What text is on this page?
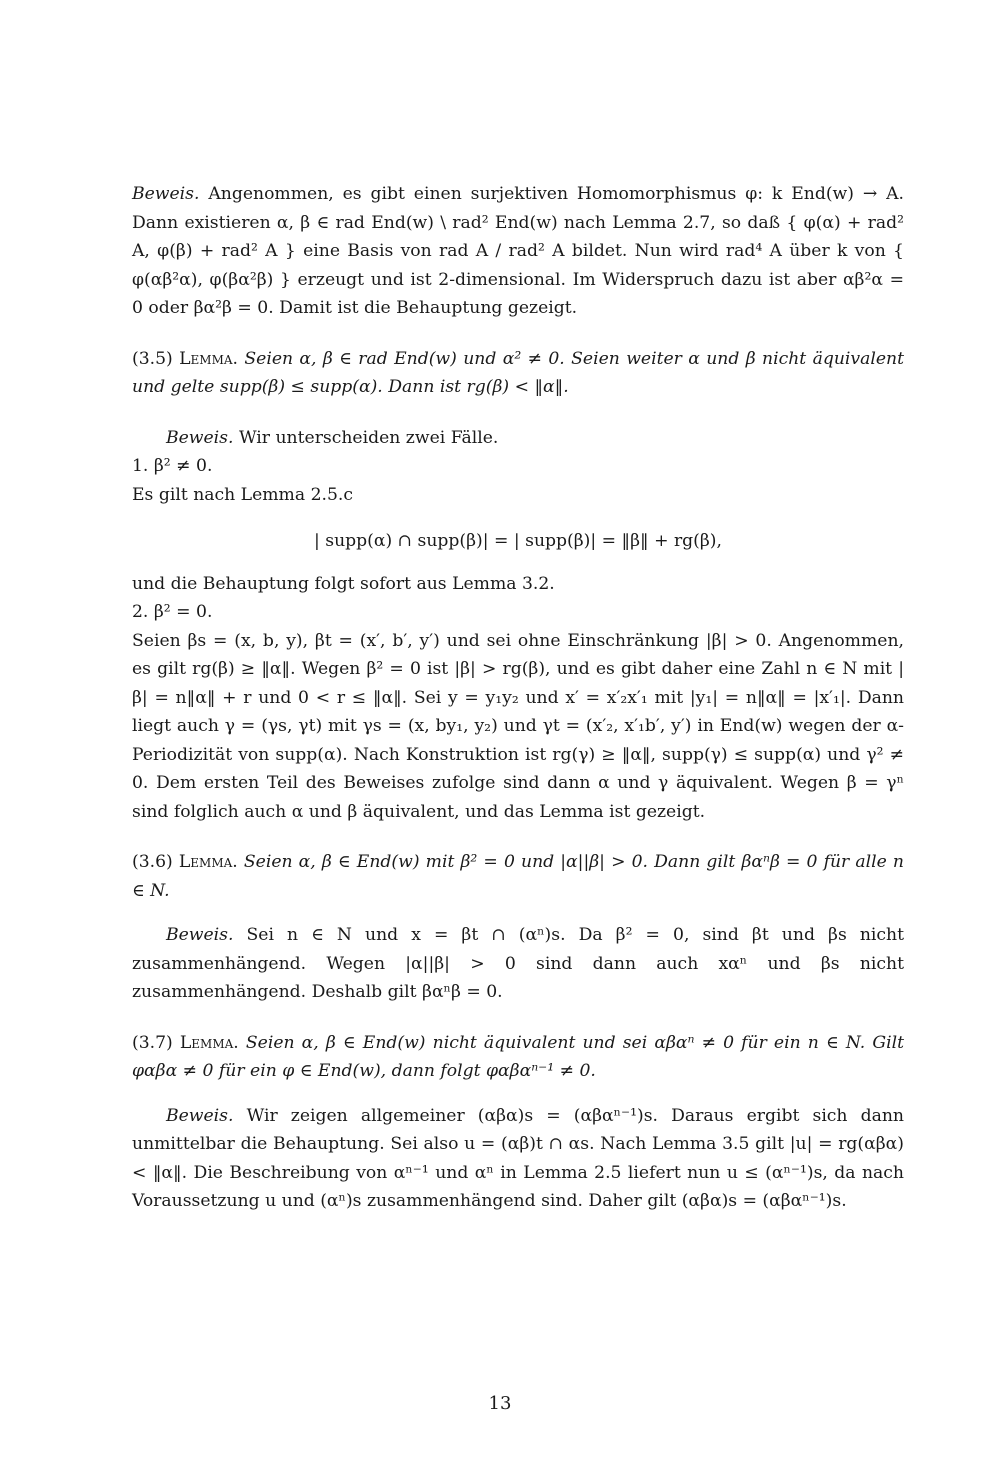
Beweis. Angenommen, es gibt einen surjektiven Homomorphismus φ: k End(w) → A. Dann existieren α, β ∈ rad End(w) \ rad² End(w) nach Lemma 2.7, so daß { φ(α) + rad² A, φ(β) + rad² A } eine Basis von rad A / rad² A bildet. Nun wird rad⁴ A über k von { φ(αβ²α), φ(βα²β) } erzeugt und ist 2-dimensional. Im Widerspruch dazu ist aber αβ²α = 0 oder βα²β = 0. Damit ist die Behauptung gezeigt.

(3.5) Lemma. Seien α, β ∈ rad End(w) und α² ≠ 0. Seien weiter α und β nicht äquivalent und gelte supp(β) ≤ supp(α). Dann ist rg(β) < ‖α‖.

Beweis. Wir unterscheiden zwei Fälle.

1. β² ≠ 0.

Es gilt nach Lemma 2.5.c

| supp(α) ∩ supp(β)| = | supp(β)| = ‖β‖ + rg(β),

und die Behauptung folgt sofort aus Lemma 3.2.

2. β² = 0.

Seien βs = (x, b, y), βt = (x′, b′, y′) und sei ohne Einschränkung |β| > 0. Angenommen, es gilt rg(β) ≥ ‖α‖. Wegen β² = 0 ist |β| > rg(β), und es gibt daher eine Zahl n ∈ N mit |β| = n‖α‖ + r und 0 < r ≤ ‖α‖. Sei y = y₁y₂ und x′ = x′₂x′₁ mit |y₁| = n‖α‖ = |x′₁|. Dann liegt auch γ = (γs, γt) mit γs = (x, by₁, y₂) und γt = (x′₂, x′₁b′, y′) in End(w) wegen der α-Periodizität von supp(α). Nach Konstruktion ist rg(γ) ≥ ‖α‖, supp(γ) ≤ supp(α) und γ² ≠ 0. Dem ersten Teil des Beweises zufolge sind dann α und γ äquivalent. Wegen β = γⁿ sind folglich auch α und β äquivalent, und das Lemma ist gezeigt.

(3.6) Lemma. Seien α, β ∈ End(w) mit β² = 0 und |α||β| > 0. Dann gilt βαⁿβ = 0 für alle n ∈ N.

Beweis. Sei n ∈ N und x = βt ∩ (αⁿ)s. Da β² = 0, sind βt und βs nicht zusammenhängend. Wegen |α||β| > 0 sind dann auch xαⁿ und βs nicht zusammenhängend. Deshalb gilt βαⁿβ = 0.

(3.7) Lemma. Seien α, β ∈ End(w) nicht äquivalent und sei αβαⁿ ≠ 0 für ein n ∈ N. Gilt φαβα ≠ 0 für ein φ ∈ End(w), dann folgt φαβαⁿ⁻¹ ≠ 0.

Beweis. Wir zeigen allgemeiner (αβα)s = (αβαⁿ⁻¹)s. Daraus ergibt sich dann unmittelbar die Behauptung. Sei also u = (αβ)t ∩ αs. Nach Lemma 3.5 gilt |u| = rg(αβα) < ‖α‖. Die Beschreibung von αⁿ⁻¹ und αⁿ in Lemma 2.5 liefert nun u ≤ (αⁿ⁻¹)s, da nach Voraussetzung u und (αⁿ)s zusammenhängend sind. Daher gilt (αβα)s = (αβαⁿ⁻¹)s.

13
